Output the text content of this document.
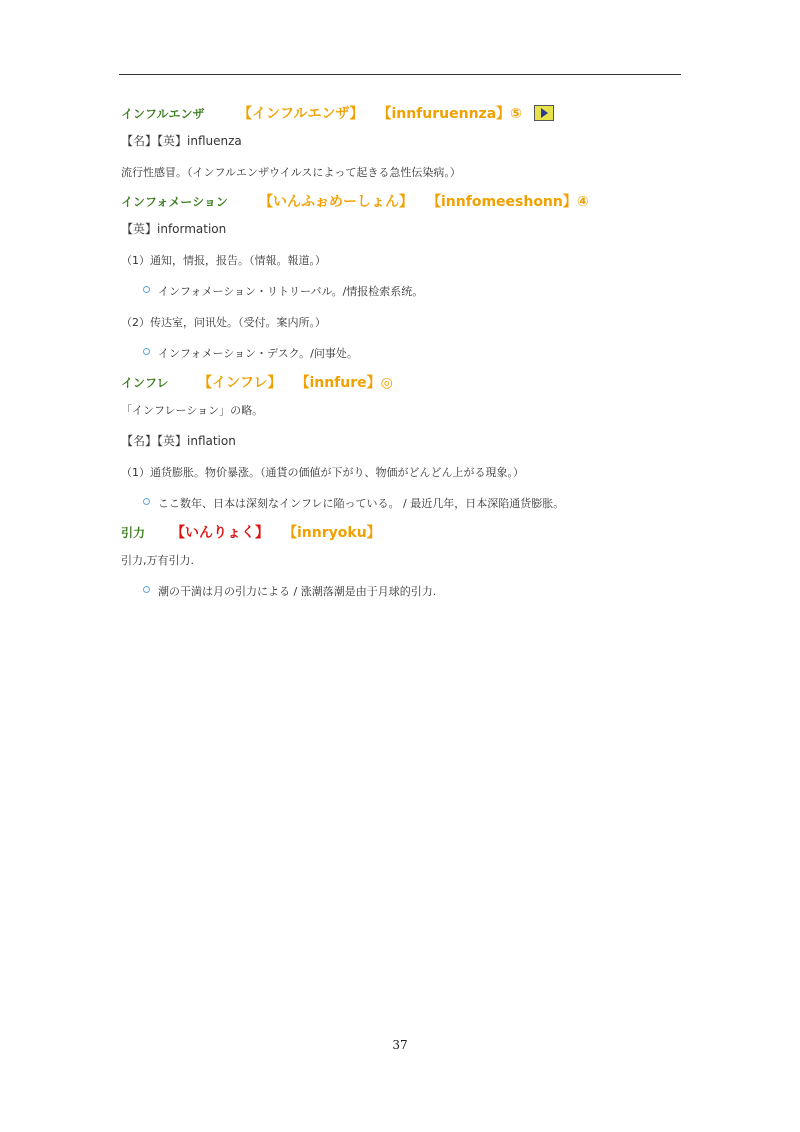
インフルエンザ	【インフルエンザ】 【innfuruennza】⑤
【名】【英】influenza
流行性感冒。（インフルエンザウイルスによって起きる急性伝染病。）
インフォメーション	【いんふぉめーしょん】 【innfomeeshonn】④
【英】information
（1）通知，情报，报告。（情報。報道。）
インフォメーション・リトリーバル。/情报检索系统。
（2）传达室，问讯处。（受付。案内所。）
インフォメーション・デスク。/问事处。
インフレ	【インフレ】 【innfure】◎
「インフレーション」の略。
【名】【英】inflation
（1）通货膨胀。物价暴涨。（通貨の価値が下がり、物価がどんどん上がる現象。）
ここ数年、日本は深刻なインフレに陥っている。 / 最近几年，日本深陷通货膨胀。
引力	【いんりょく】 【innryoku】
引力,万有引力.
潮の干満は月の引力による / 涨潮落潮是由于月球的引力.
37
